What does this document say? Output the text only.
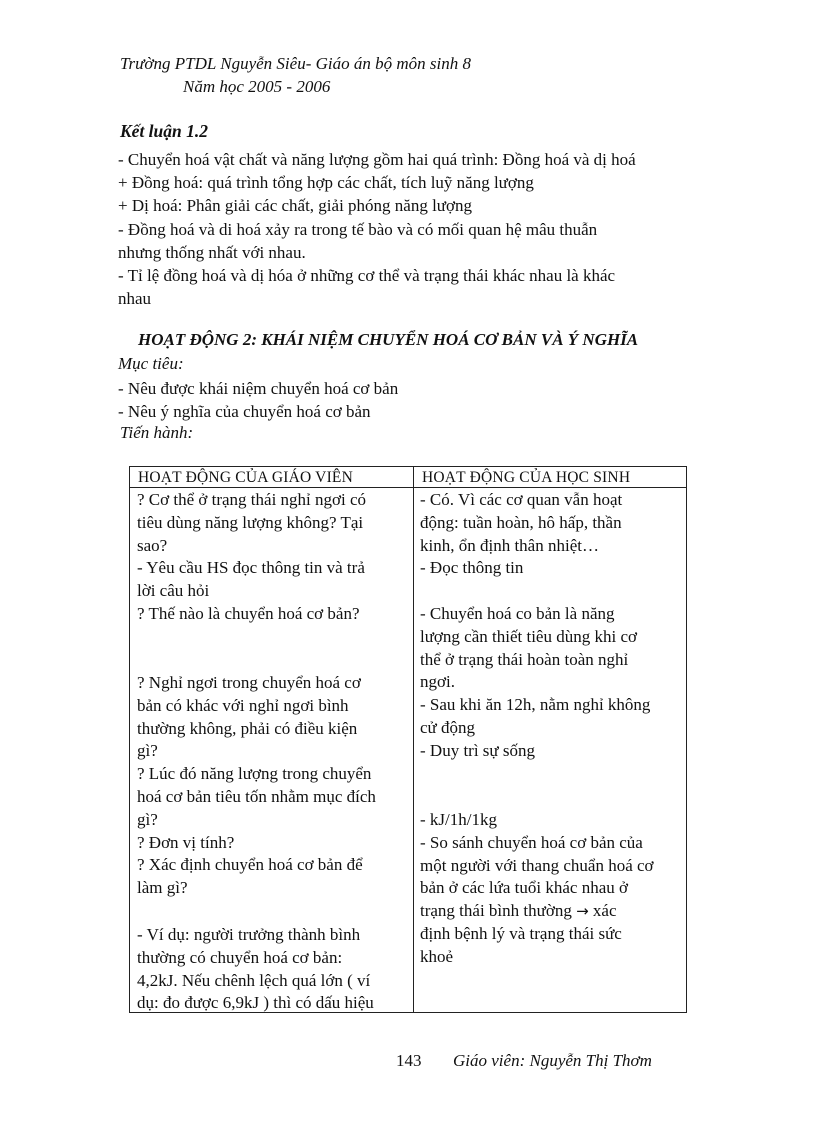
Trường PTDL Nguyễn Siêu- Giáo án bộ môn sinh 8
Năm học 2005 - 2006
Kết luận 1.2

- Chuyển hoá vật chất và năng lượng gồm hai quá trình: Đồng hoá và dị hoá

+ Đồng hoá: quá trình tổng hợp các chất, tích luỹ năng lượng

+ Dị hoá: Phân giải các chất, giải phóng năng lượng

- Đồng hoá và di hoá xảy ra trong tế bào và có mối quan hệ mâu thuẫn

nhưng thống nhất với nhau.

- Tỉ lệ đồng hoá và dị hóa ở những cơ thể và trạng thái khác nhau là khác

nhau

HOẠT ĐỘNG 2: KHÁI NIỆM CHUYỂN HOÁ CƠ BẢN VÀ Ý NGHĨA
Mục tiêu:

- Nêu được khái niệm chuyển hoá cơ bản

- Nêu ý nghĩa của chuyển hoá cơ bản

Tiến hành:
HOẠT ĐỘNG CỦA GIÁO VIÊN	HOẠT ĐỘNG CỦA HỌC SINH

? Cơ thể ở trạng thái nghỉ ngơi có

tiêu dùng năng lượng không? Tại

sao?

- Yêu cầu HS đọc thông tin và trả

lời câu hỏi

? Thế nào là chuyển hoá cơ bản?

? Nghỉ ngơi trong chuyển hoá cơ

bản có khác với nghỉ ngơi bình

thường không, phải có điều kiện

gì?

? Lúc đó năng lượng trong chuyển

hoá cơ bản tiêu tốn nhằm mục đích

gì?

? Đơn vị tính?

? Xác định chuyển hoá cơ bản để

làm gì?

- Ví dụ: người trưởng thành bình

thường có chuyển hoá cơ bản:

4,2kJ. Nếu chênh lệch quá lớn ( ví

dụ: đo được 6,9kJ ) thì có dấu hiệu

- Có. Vì các cơ quan vẫn hoạt

động: tuần hoàn, hô hấp, thần

kinh, ổn định thân nhiệt…

- Đọc thông tin

- Chuyển hoá co bản là năng

lượng cần thiết tiêu dùng khi cơ

thể ở trạng thái hoàn toàn nghỉ

ngơi.

- Sau khi ăn 12h, nằm nghỉ không

cử động

- Duy trì sự sống

- kJ/1h/1kg

- So sánh chuyển hoá cơ bản của

một người với thang chuẩn hoá cơ

bản ở các lứa tuổi khác nhau ở

trạng thái bình thường → xác

định bệnh lý và trạng thái sức

khoẻ

143 Giáo viên: Nguyễn Thị Thơm
